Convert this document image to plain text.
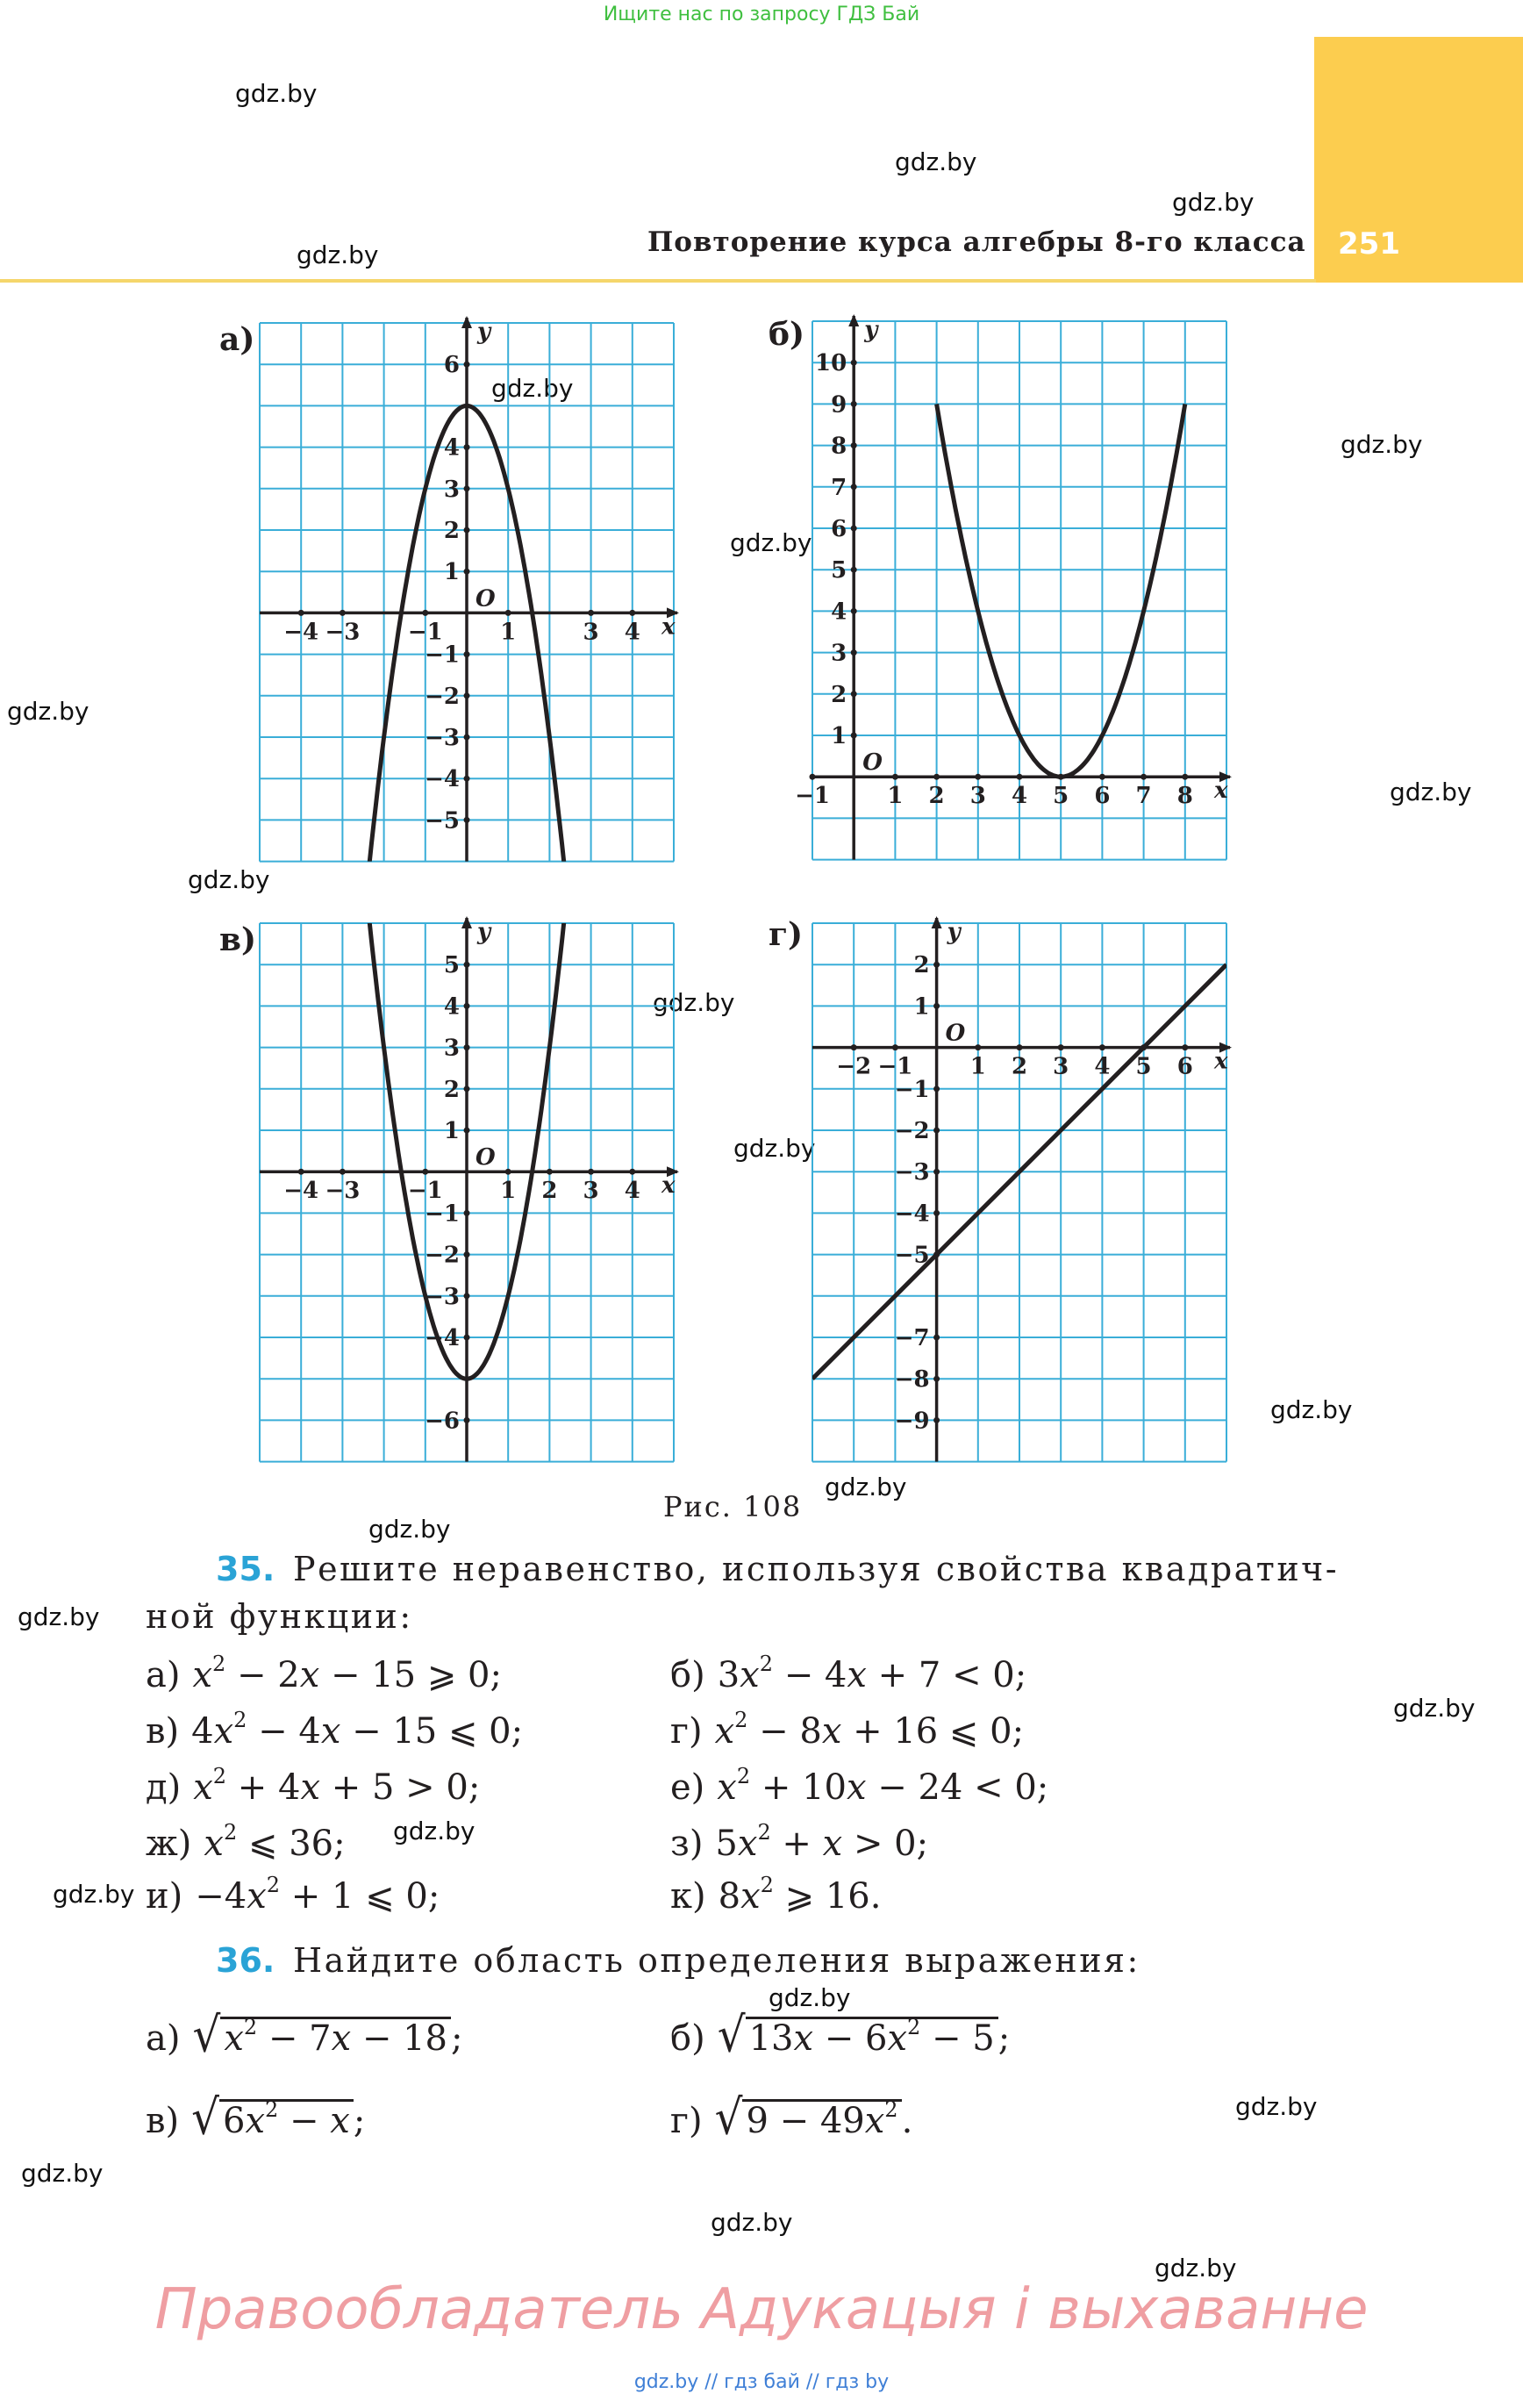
Ищите нас по запросу ГДЗ Бай
251
Повторение курса алгебры 8-го класса
gdz.by
gdz.by
gdz.by
gdz.by
gdz.by
gdz.by
gdz.by
gdz.by
gdz.by
gdz.by
gdz.by
gdz.by
gdz.by
gdz.by
gdz.by
gdz.by
gdz.by
gdz.by
gdz.by
gdz.by
gdz.by
gdz.by
gdz.by
gdz.by
а)	б)
в)	г)
6
4
3
2
1
−1
−2
−3
−4
−5
−4 −3 −1	1	3 4
O
x
y
10
9
8
7
6
5
4
3
2
1
−1	1 2 3 4 5 6 7 8
O
x
y
5
4
3
2
1
−1
−2
−3
−4
−6
−4 −3 −1	1 2 3 4
O
x
y
2
1
−1
−2
−3
−4
−5
−7
−8
−9
−2 −1	1 2 3 4 5 6
O
x
y
Рис. 108
35. Решите неравенство, используя свойства квадратич-
ной функции:
а) $x^2 - 2x - 15$ ⩾ 0;	б) $3x^2 - 4x + 7 < 0$;
в) $4x^2 - 4x - 15$ ⩽ 0;	г) $x^2 - 8x + 16$ ⩽ 0;
д) $x^2 + 4x + 5 > 0$;	е) $x^2 + 10x - 24 < 0$;
ж) $x^2$ ⩽ 36;	з) $5x^2 + x > 0$;
$и) -4x^2 + 1$ ⩽ 0;	к) $8x^2$ ⩾ 16.
36. Найдите область определения выражения:
а) √ $x^2 - 7x - 18$ ;	б) √ $13x - 6x^2 - 5$ ;
в) √ $6x^2 - x$ ;	г) √ $9 - 49x^2$ .
Правообладатель Адукацыя і выхаванне
gdz.by // гдз бай // гдз by
